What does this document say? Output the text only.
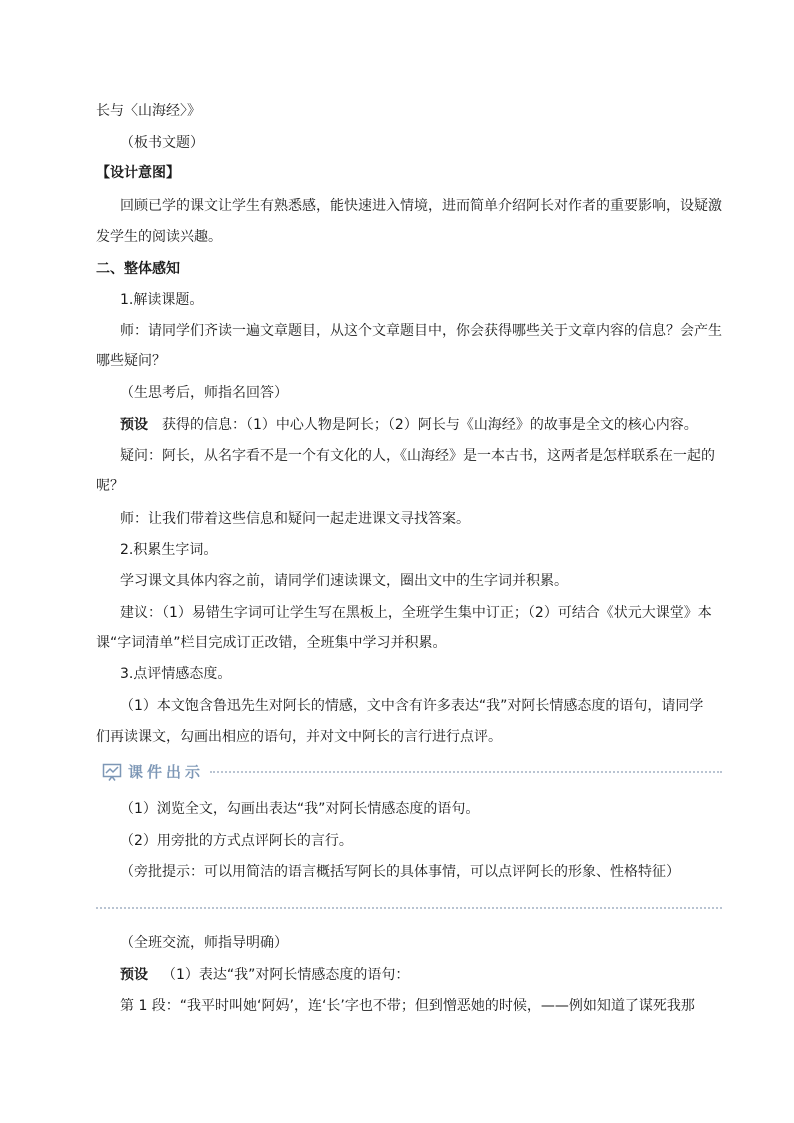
长与〈山海经〉》
（板书文题）
【设计意图】
回顾已学的课文让学生有熟悉感，能快速进入情境，进而简单介绍阿长对作者的重要影响，设疑激
发学生的阅读兴趣。
二、整体感知
1.解读课题。
师：请同学们齐读一遍文章题目，从这个文章题目中，你会获得哪些关于文章内容的信息？会产生
哪些疑问？
（生思考后，师指名回答）
预设 获得的信息：（1）中心人物是阿长；（2）阿长与《山海经》的故事是全文的核心内容。
疑问：阿长，从名字看不是一个有文化的人，《山海经》是一本古书，这两者是怎样联系在一起的
呢？
师：让我们带着这些信息和疑问一起走进课文寻找答案。
2.积累生字词。
学习课文具体内容之前，请同学们速读课文，圈出文中的生字词并积累。
建议：（1）易错生字词可让学生写在黑板上，全班学生集中订正；（2）可结合《状元大课堂》本
课“字词清单”栏目完成订正改错，全班集中学习并积累。
3.点评情感态度。
（1）本文饱含鲁迅先生对阿长的情感，文中含有许多表达“我”对阿长情感态度的语句，请同学
们再读课文，勾画出相应的语句，并对文中阿长的言行进行点评。
课件出示
（1）浏览全文，勾画出表达“我”对阿长情感态度的语句。
（2）用旁批的方式点评阿长的言行。
（旁批提示：可以用简洁的语言概括写阿长的具体事情，可以点评阿长的形象、性格特征）
（全班交流，师指导明确）
预设 （1）表达“我”对阿长情感态度的语句：
第 1 段：“我平时叫她‘阿妈’，连‘长’字也不带；但到憎恶她的时候，——例如知道了谋死我那
